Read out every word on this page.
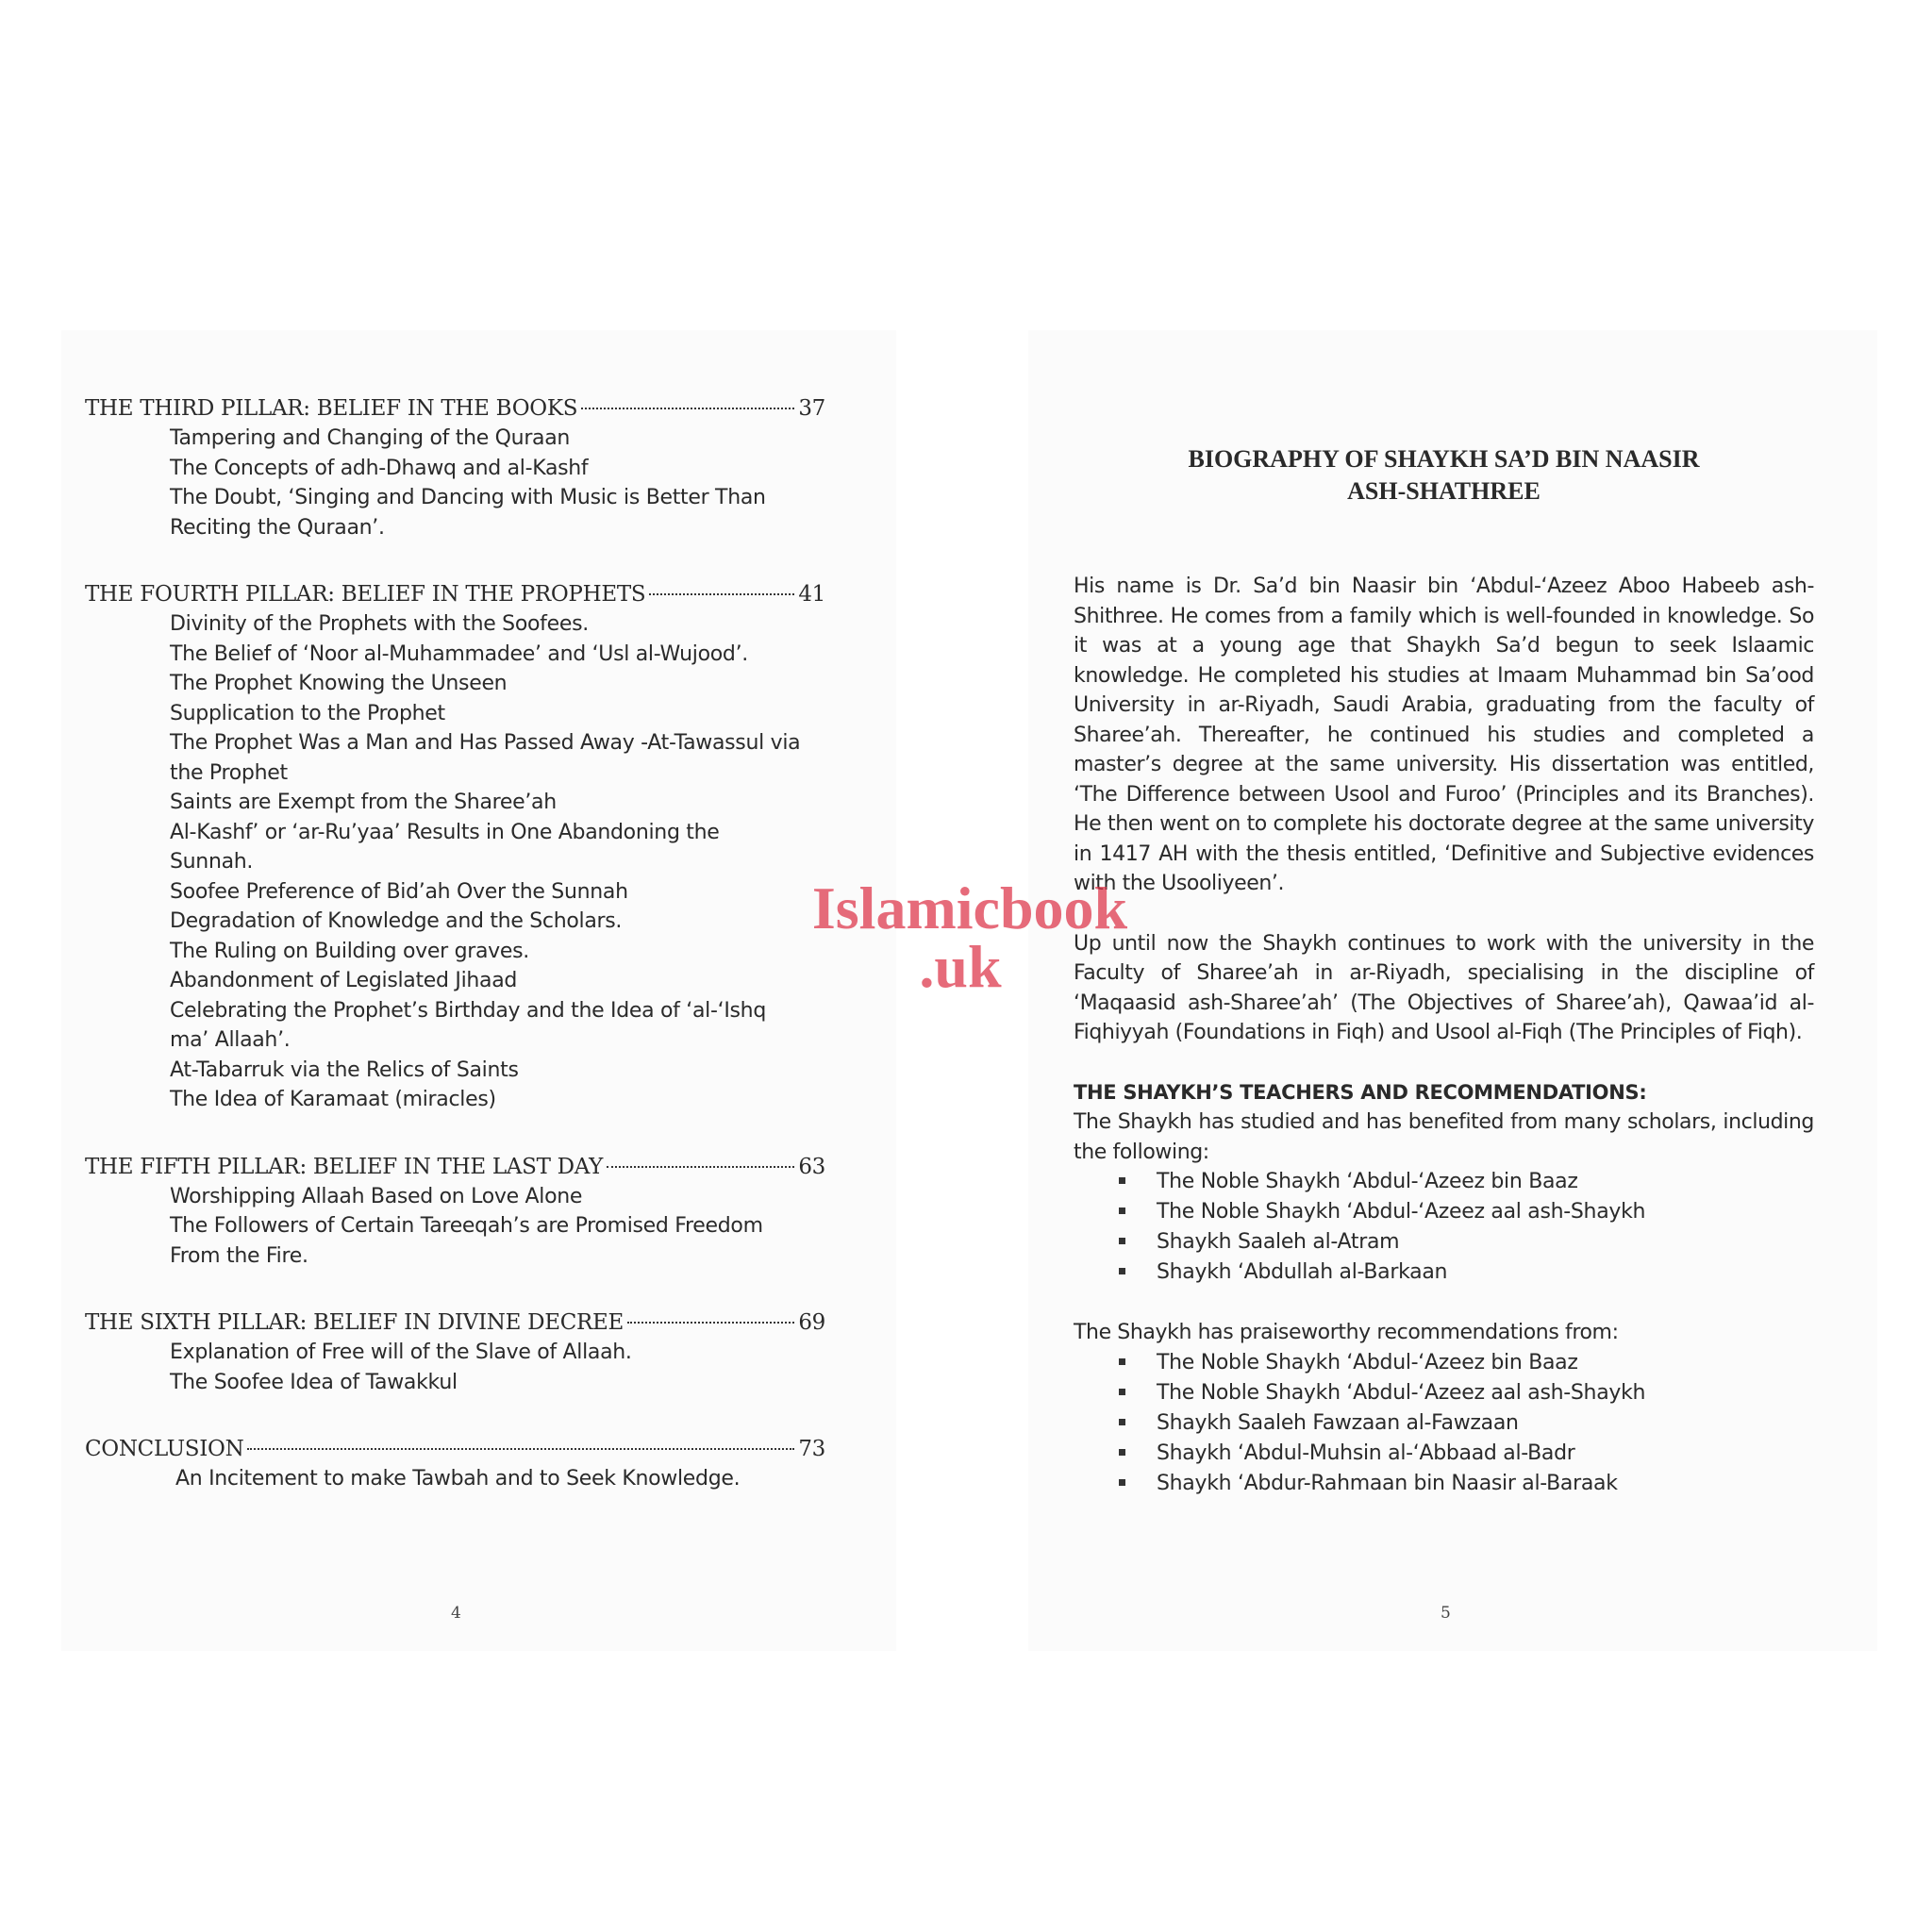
THE THIRD PILLAR: BELIEF IN THE BOOKS	37
Tampering and Changing of the Quraan
The Concepts of adh-Dhawq and al-Kashf
The Doubt, ‘Singing and Dancing with Music is Better Than Reciting the Quraan’.
THE FOURTH PILLAR: BELIEF IN THE PROPHETS	41
Divinity of the Prophets with the Soofees.
The Belief of ‘Noor al-Muhammadee’ and ‘Usl al-Wujood’.
The Prophet Knowing the Unseen
Supplication to the Prophet
The Prophet Was a Man and Has Passed Away -At-Tawassul via the Prophet
Saints are Exempt from the Sharee’ah
Al-Kashf’ or ‘ar-Ru’yaa’ Results in One Abandoning the Sunnah.
Soofee Preference of Bid’ah Over the Sunnah
Degradation of Knowledge and the Scholars.
The Ruling on Building over graves.
Abandonment of Legislated Jihaad
Celebrating the Prophet’s Birthday and the Idea of ‘al-‘Ishq ma’ Allaah’.
At-Tabarruk via the Relics of Saints
The Idea of Karamaat (miracles)
THE FIFTH PILLAR: BELIEF IN THE LAST DAY	63
Worshipping Allaah Based on Love Alone
The Followers of Certain Tareeqah’s are Promised Freedom From the Fire.
THE SIXTH PILLAR: BELIEF IN DIVINE DECREE	69
Explanation of Free will of the Slave of Allaah.
The Soofee Idea of Tawakkul
CONCLUSION	73
An Incitement to make Tawbah and to Seek Knowledge.
4
BIOGRAPHY OF SHAYKH SA’D BIN NAASIR
ASH-SHATHREE

His name is Dr. Sa’d bin Naasir bin ‘Abdul-‘Azeez Aboo Habeeb ash-Shithree. He comes from a family which is well-founded in knowledge. So it was at a young age that Shaykh Sa’d begun to seek Islaamic knowledge. He completed his studies at Imaam Muhammad bin Sa’ood University in ar-Riyadh, Saudi Arabia, graduating from the faculty of Sharee’ah. Thereafter, he continued his studies and completed a master’s degree at the same university. His dissertation was entitled, ‘The Difference between Usool and Furoo’ (Principles and its Branches). He then went on to complete his doctorate degree at the same university in 1417 AH with the thesis entitled, ‘Definitive and Subjective evidences with the Usooliyeen’.

Up until now the Shaykh continues to work with the university in the Faculty of Sharee’ah in ar-Riyadh, specialising in the discipline of ‘Maqaasid ash-Sharee’ah’ (The Objectives of Sharee’ah), Qawaa’id al-Fiqhiyyah (Foundations in Fiqh) and Usool al-Fiqh (The Principles of Fiqh).

THE SHAYKH’S TEACHERS AND RECOMMENDATIONS:

The Shaykh has studied and has benefited from many scholars, including the following:

The Noble Shaykh ‘Abdul-‘Azeez bin Baaz
The Noble Shaykh ‘Abdul-‘Azeez aal ash-Shaykh
Shaykh Saaleh al-Atram
Shaykh ‘Abdullah al-Barkaan

The Shaykh has praiseworthy recommendations from:

The Noble Shaykh ‘Abdul-‘Azeez bin Baaz
The Noble Shaykh ‘Abdul-‘Azeez aal ash-Shaykh
Shaykh Saaleh Fawzaan al-Fawzaan
Shaykh ‘Abdul-Muhsin al-‘Abbaad al-Badr
Shaykh ‘Abdur-Rahmaan bin Naasir al-Baraak
5
Islamicbook
.uk
